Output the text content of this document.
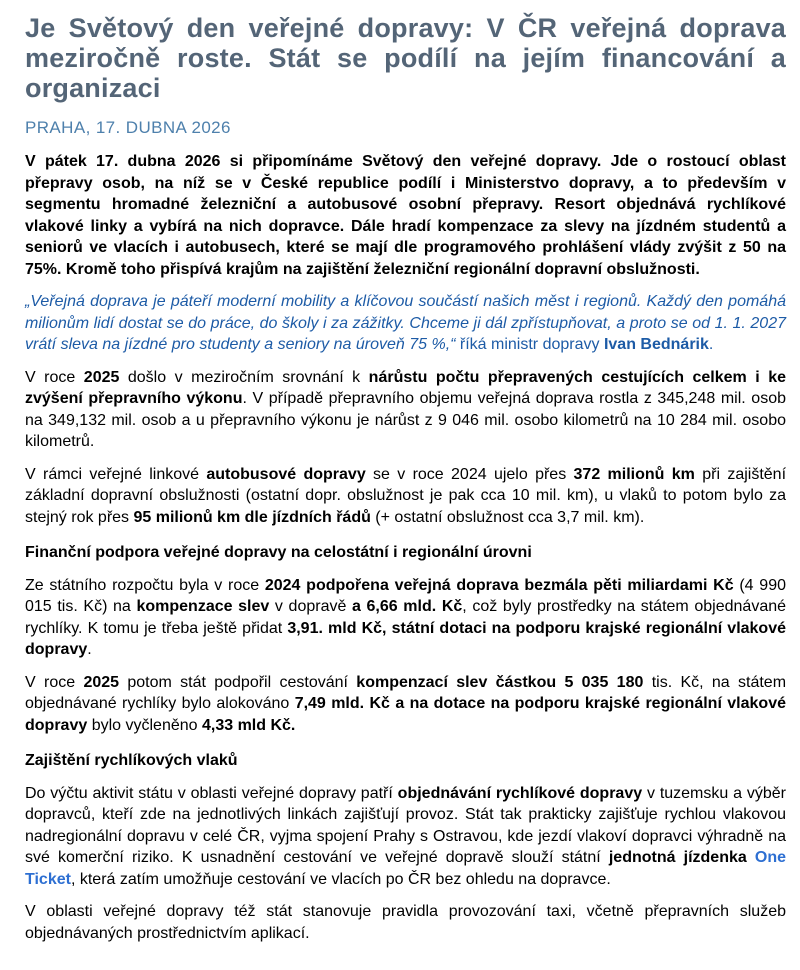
Je Světový den veřejné dopravy: V ČR veřejná doprava meziročně roste. Stát se podílí na jejím financování a organizaci
PRAHA, 17. DUBNA 2026

V pátek 17. dubna 2026 si připomínáme Světový den veřejné dopravy. Jde o rostoucí oblast přepravy osob, na níž se v České republice podílí i Ministerstvo dopravy, a to především v segmentu hromadné železniční a autobusové osobní přepravy. Resort objednává rychlíkové vlakové linky a vybírá na nich dopravce. Dále hradí kompenzace za slevy na jízdném studentů a seniorů ve vlacích i autobusech, které se mají dle programového prohlášení vlády zvýšit z 50 na 75%. Kromě toho přispívá krajům na zajištění železniční regionální dopravní obslužnosti.

„Veřejná doprava je páteří moderní mobility a klíčovou součástí našich měst i regionů. Každý den pomáhá milionům lidí dostat se do práce, do školy i za zážitky. Chceme ji dál zpřístupňovat, a proto se od 1. 1. 2027 vrátí sleva na jízdné pro studenty a seniory na úroveň 75 %,“ říká ministr dopravy Ivan Bednárik.

V roce 2025 došlo v meziročním srovnání k nárůstu počtu přepravených cestujících celkem i ke zvýšení přepravního výkonu. V případě přepravního objemu veřejná doprava rostla z 345,248 mil. osob na 349,132 mil. osob a u přepravního výkonu je nárůst z 9 046 mil. osobo kilometrů na 10 284 mil. osobo kilometrů.

V rámci veřejné linkové autobusové dopravy se v roce 2024 ujelo přes 372 milionů km při zajištění základní dopravní obslužnosti (ostatní dopr. obslužnost je pak cca 10 mil. km), u vlaků to potom bylo za stejný rok přes 95 milionů km dle jízdních řádů (+ ostatní obslužnost cca 3,7 mil. km).

Finanční podpora veřejné dopravy na celostátní i regionální úrovni

Ze státního rozpočtu byla v roce 2024 podpořena veřejná doprava bezmála pěti miliardami Kč (4 990 015 tis. Kč) na kompenzace slev v dopravě a 6,66 mld. Kč, což byly prostředky na státem objednávané rychlíky. K tomu je třeba ještě přidat 3,91. mld Kč, státní dotaci na podporu krajské regionální vlakové dopravy.

V roce 2025 potom stát podpořil cestování kompenzací slev částkou 5 035 180 tis. Kč, na státem objednávané rychlíky bylo alokováno 7,49 mld. Kč a na dotace na podporu krajské regionální vlakové dopravy bylo vyčleněno 4,33 mld Kč.

Zajištění rychlíkových vlaků

Do výčtu aktivit státu v oblasti veřejné dopravy patří objednávání rychlíkové dopravy v tuzemsku a výběr dopravců, kteří zde na jednotlivých linkách zajišťují provoz. Stát tak prakticky zajišťuje rychlou vlakovou nadregionální dopravu v celé ČR, vyjma spojení Prahy s Ostravou, kde jezdí vlakoví dopravci výhradně na své komerční riziko. K usnadnění cestování ve veřejné dopravě slouží státní jednotná jízdenka One Ticket, která zatím umožňuje cestování ve vlacích po ČR bez ohledu na dopravce.

V oblasti veřejné dopravy též stát stanovuje pravidla provozování taxi, včetně přepravních služeb objednávaných prostřednictvím aplikací.
